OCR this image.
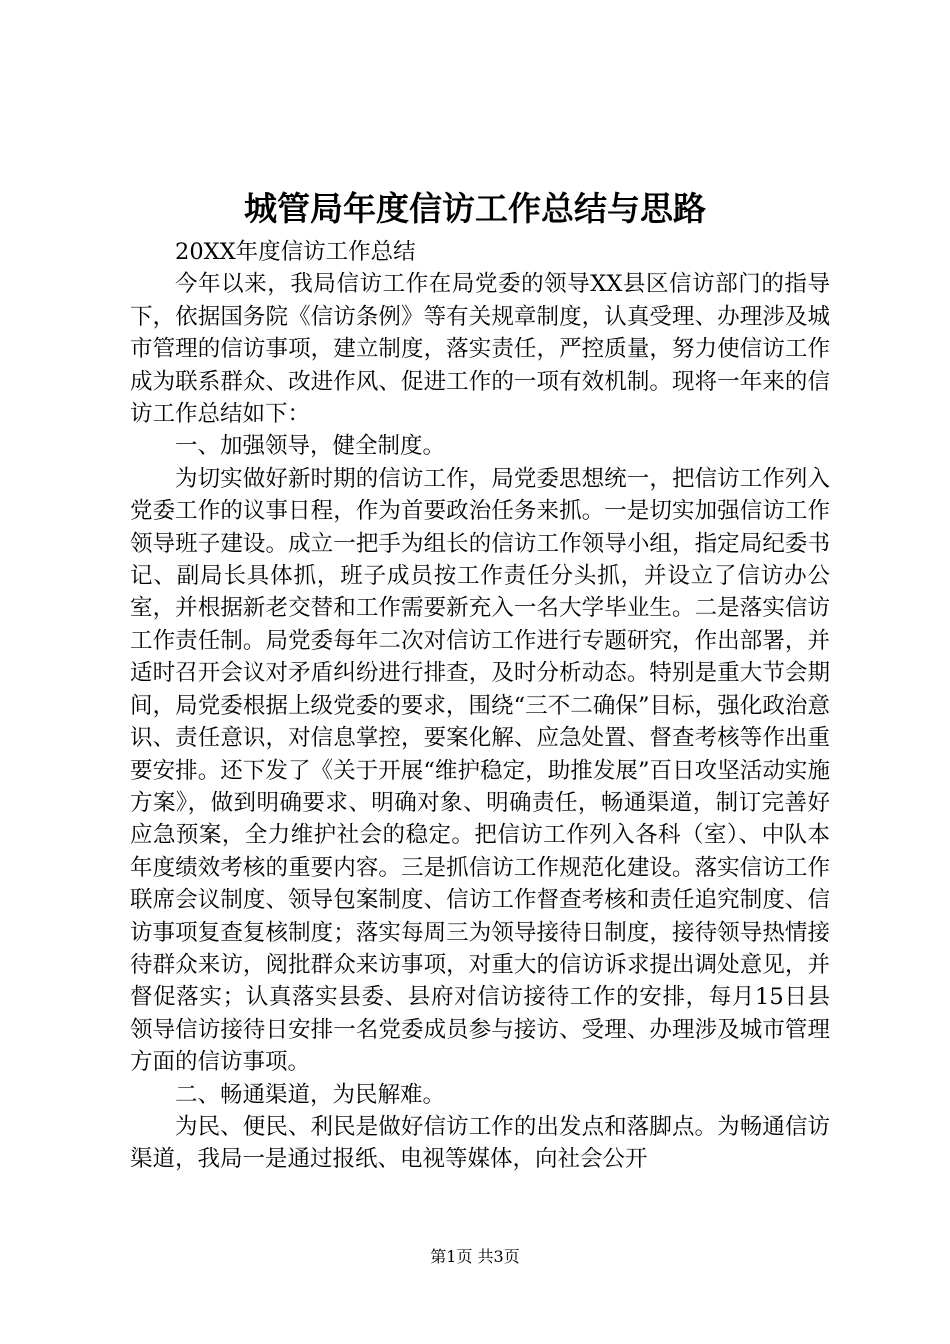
城管局年度信访工作总结与思路

20XX年度信访工作总结

今年以来，我局信访工作在局党委的领导XX县区信访部门的指导下，依据国务院《信访条例》等有关规章制度，认真受理、办理涉及城市管理的信访事项，建立制度，落实责任，严控质量，努力使信访工作成为联系群众、改进作风、促进工作的一项有效机制。现将一年来的信访工作总结如下：

一、加强领导，健全制度。

为切实做好新时期的信访工作，局党委思想统一，把信访工作列入党委工作的议事日程，作为首要政治任务来抓。一是切实加强信访工作领导班子建设。成立一把手为组长的信访工作领导小组，指定局纪委书记、副局长具体抓，班子成员按工作责任分头抓，并设立了信访办公室，并根据新老交替和工作需要新充入一名大学毕业生。二是落实信访工作责任制。局党委每年二次对信访工作进行专题研究，作出部署，并适时召开会议对矛盾纠纷进行排查，及时分析动态。特别是重大节会期间，局党委根据上级党委的要求，围绕“三不二确保”目标，强化政治意识、责任意识，对信息掌控，要案化解、应急处置、督查考核等作出重要安排。还下发了《关于开展“维护稳定，助推发展”百日攻坚活动实施方案》，做到明确要求、明确对象、明确责任，畅通渠道，制订完善好应急预案，全力维护社会的稳定。把信访工作列入各科（室）、中队本年度绩效考核的重要内容。三是抓信访工作规范化建设。落实信访工作联席会议制度、领导包案制度、信访工作督查考核和责任追究制度、信访事项复查复核制度；落实每周三为领导接待日制度，接待领导热情接待群众来访，阅批群众来访事项，对重大的信访诉求提出调处意见，并督促落实；认真落实县委、县府对信访接待工作的安排，每月15日县领导信访接待日安排一名党委成员参与接访、受理、办理涉及城市管理方面的信访事项。

二、畅通渠道，为民解难。

为民、便民、利民是做好信访工作的出发点和落脚点。为畅通信访渠道，我局一是通过报纸、电视等媒体，向社会公开

第1页 共3页
